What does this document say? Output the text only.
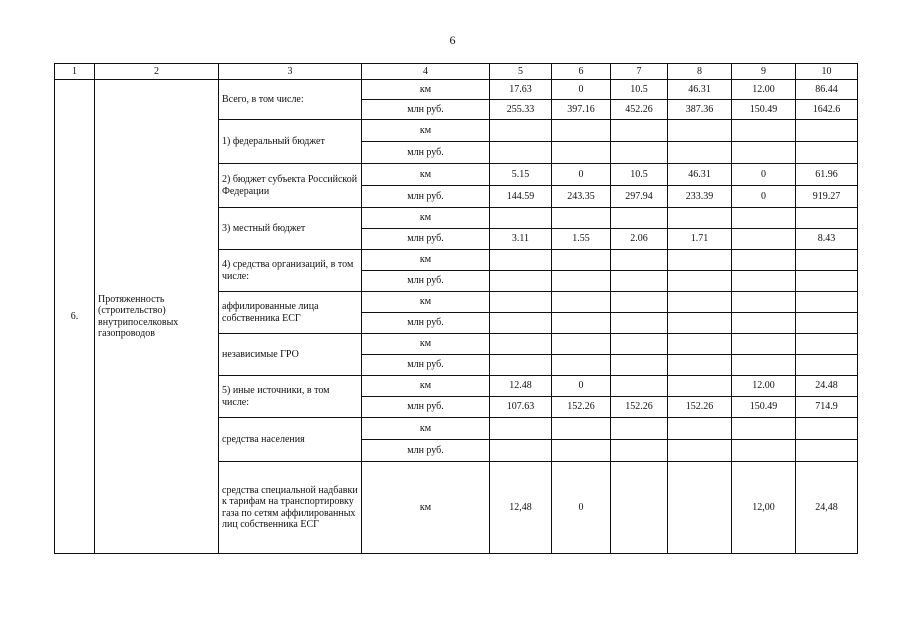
6
1	2	3	4	5	6	7	8	9	10
6.	Протяженность (строительство) внутрипоселковых газопроводов	Всего, в том числе:	км	17.63	0	10.5	46.31	12.00	86.44
			млн руб.	255.33	397.16	452.26	387.36	150.49	1642.6
		1) федеральный бюджет	км						
			млн руб.						
		2) бюджет субъекта Российской Федерации	км	5.15	0	10.5	46.31	0	61.96
			млн руб.	144.59	243.35	297.94	233.39	0	919.27
		3) местный бюджет	км						
			млн руб.	3.11	1.55	2.06	1.71		8.43
		4) средства организаций, в том числе:	км						
			млн руб.						
		аффилированные лица собственника ЕСГ	км						
			млн руб.						
		независимые ГРО	км						
			млн руб.						
		5) иные источники, в том числе:	км	12.48	0			12.00	24.48
			млн руб.	107.63	152.26	152.26	152.26	150.49	714.9
		средства населения	км						
			млн руб.						
		средства специальной надбавки к тарифам на транспортировку газа по сетям аффилированных лиц собственника ЕСГ	км	12,48	0			12,00	24,48
